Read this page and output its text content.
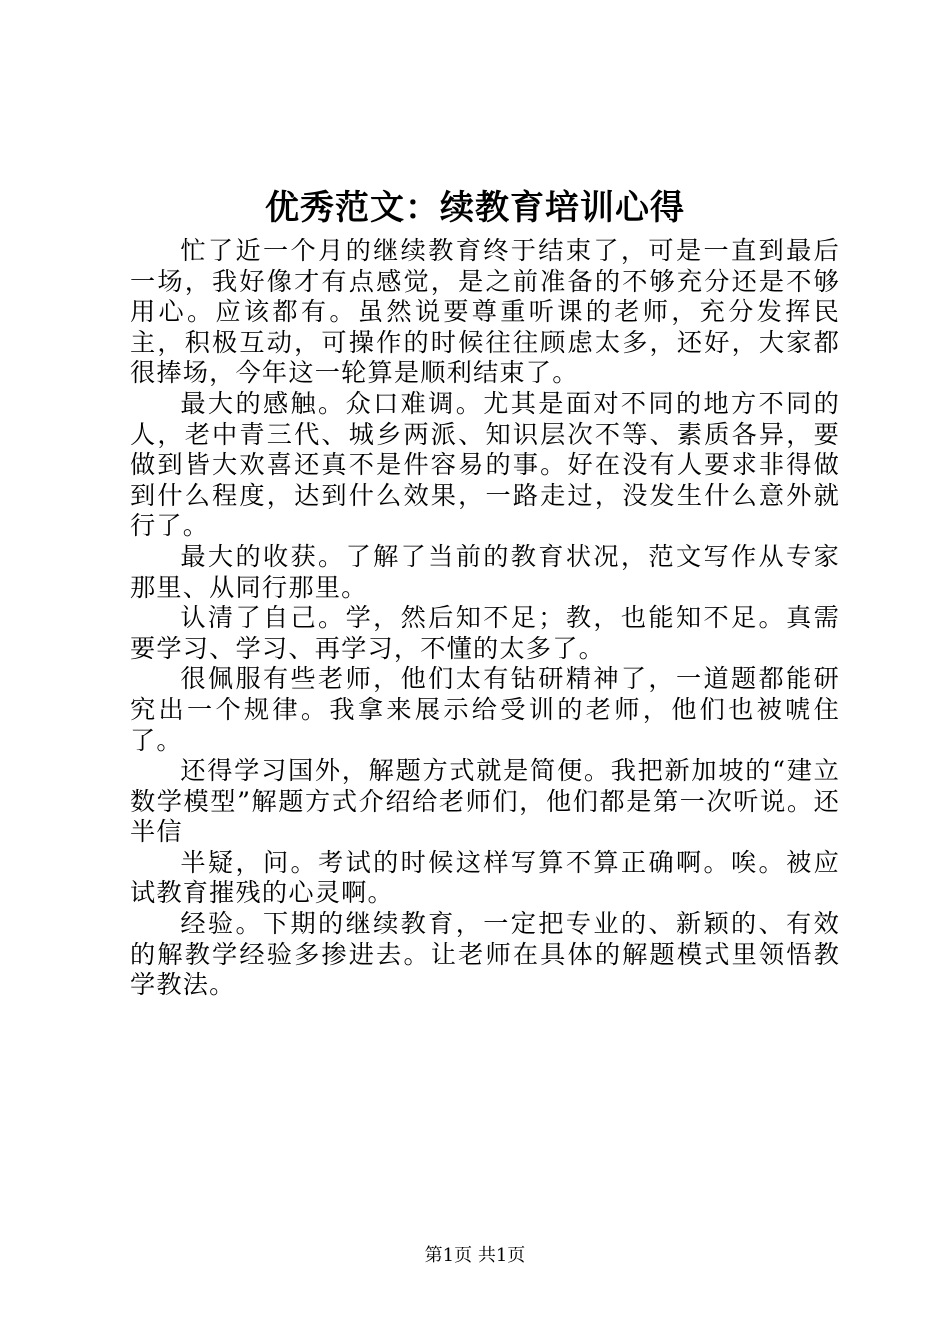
优秀范文：续教育培训心得

忙了近一个月的继续教育终于结束了，可是一直到最后一场，我好像才有点感觉，是之前准备的不够充分还是不够用心。应该都有。虽然说要尊重听课的老师，充分发挥民主，积极互动，可操作的时候往往顾虑太多，还好，大家都很捧场，今年这一轮算是顺利结束了。

最大的感触。众口难调。尤其是面对不同的地方不同的人，老中青三代、城乡两派、知识层次不等、素质各异，要做到皆大欢喜还真不是件容易的事。好在没有人要求非得做到什么程度，达到什么效果，一路走过，没发生什么意外就行了。

最大的收获。了解了当前的教育状况，范文写作从专家那里、从同行那里。

认清了自己。学，然后知不足；教，也能知不足。真需要学习、学习、再学习，不懂的太多了。

很佩服有些老师，他们太有钻研精神了，一道题都能研究出一个规律。我拿来展示给受训的老师，他们也被唬住了。

还得学习国外，解题方式就是简便。我把新加坡的“建立数学模型”解题方式介绍给老师们，他们都是第一次听说。还半信

半疑，问。考试的时候这样写算不算正确啊。唉。被应试教育摧残的心灵啊。

经验。下期的继续教育，一定把专业的、新颖的、有效的解教学经验多掺进去。让老师在具体的解题模式里领悟教学教法。

第1页 共1页
